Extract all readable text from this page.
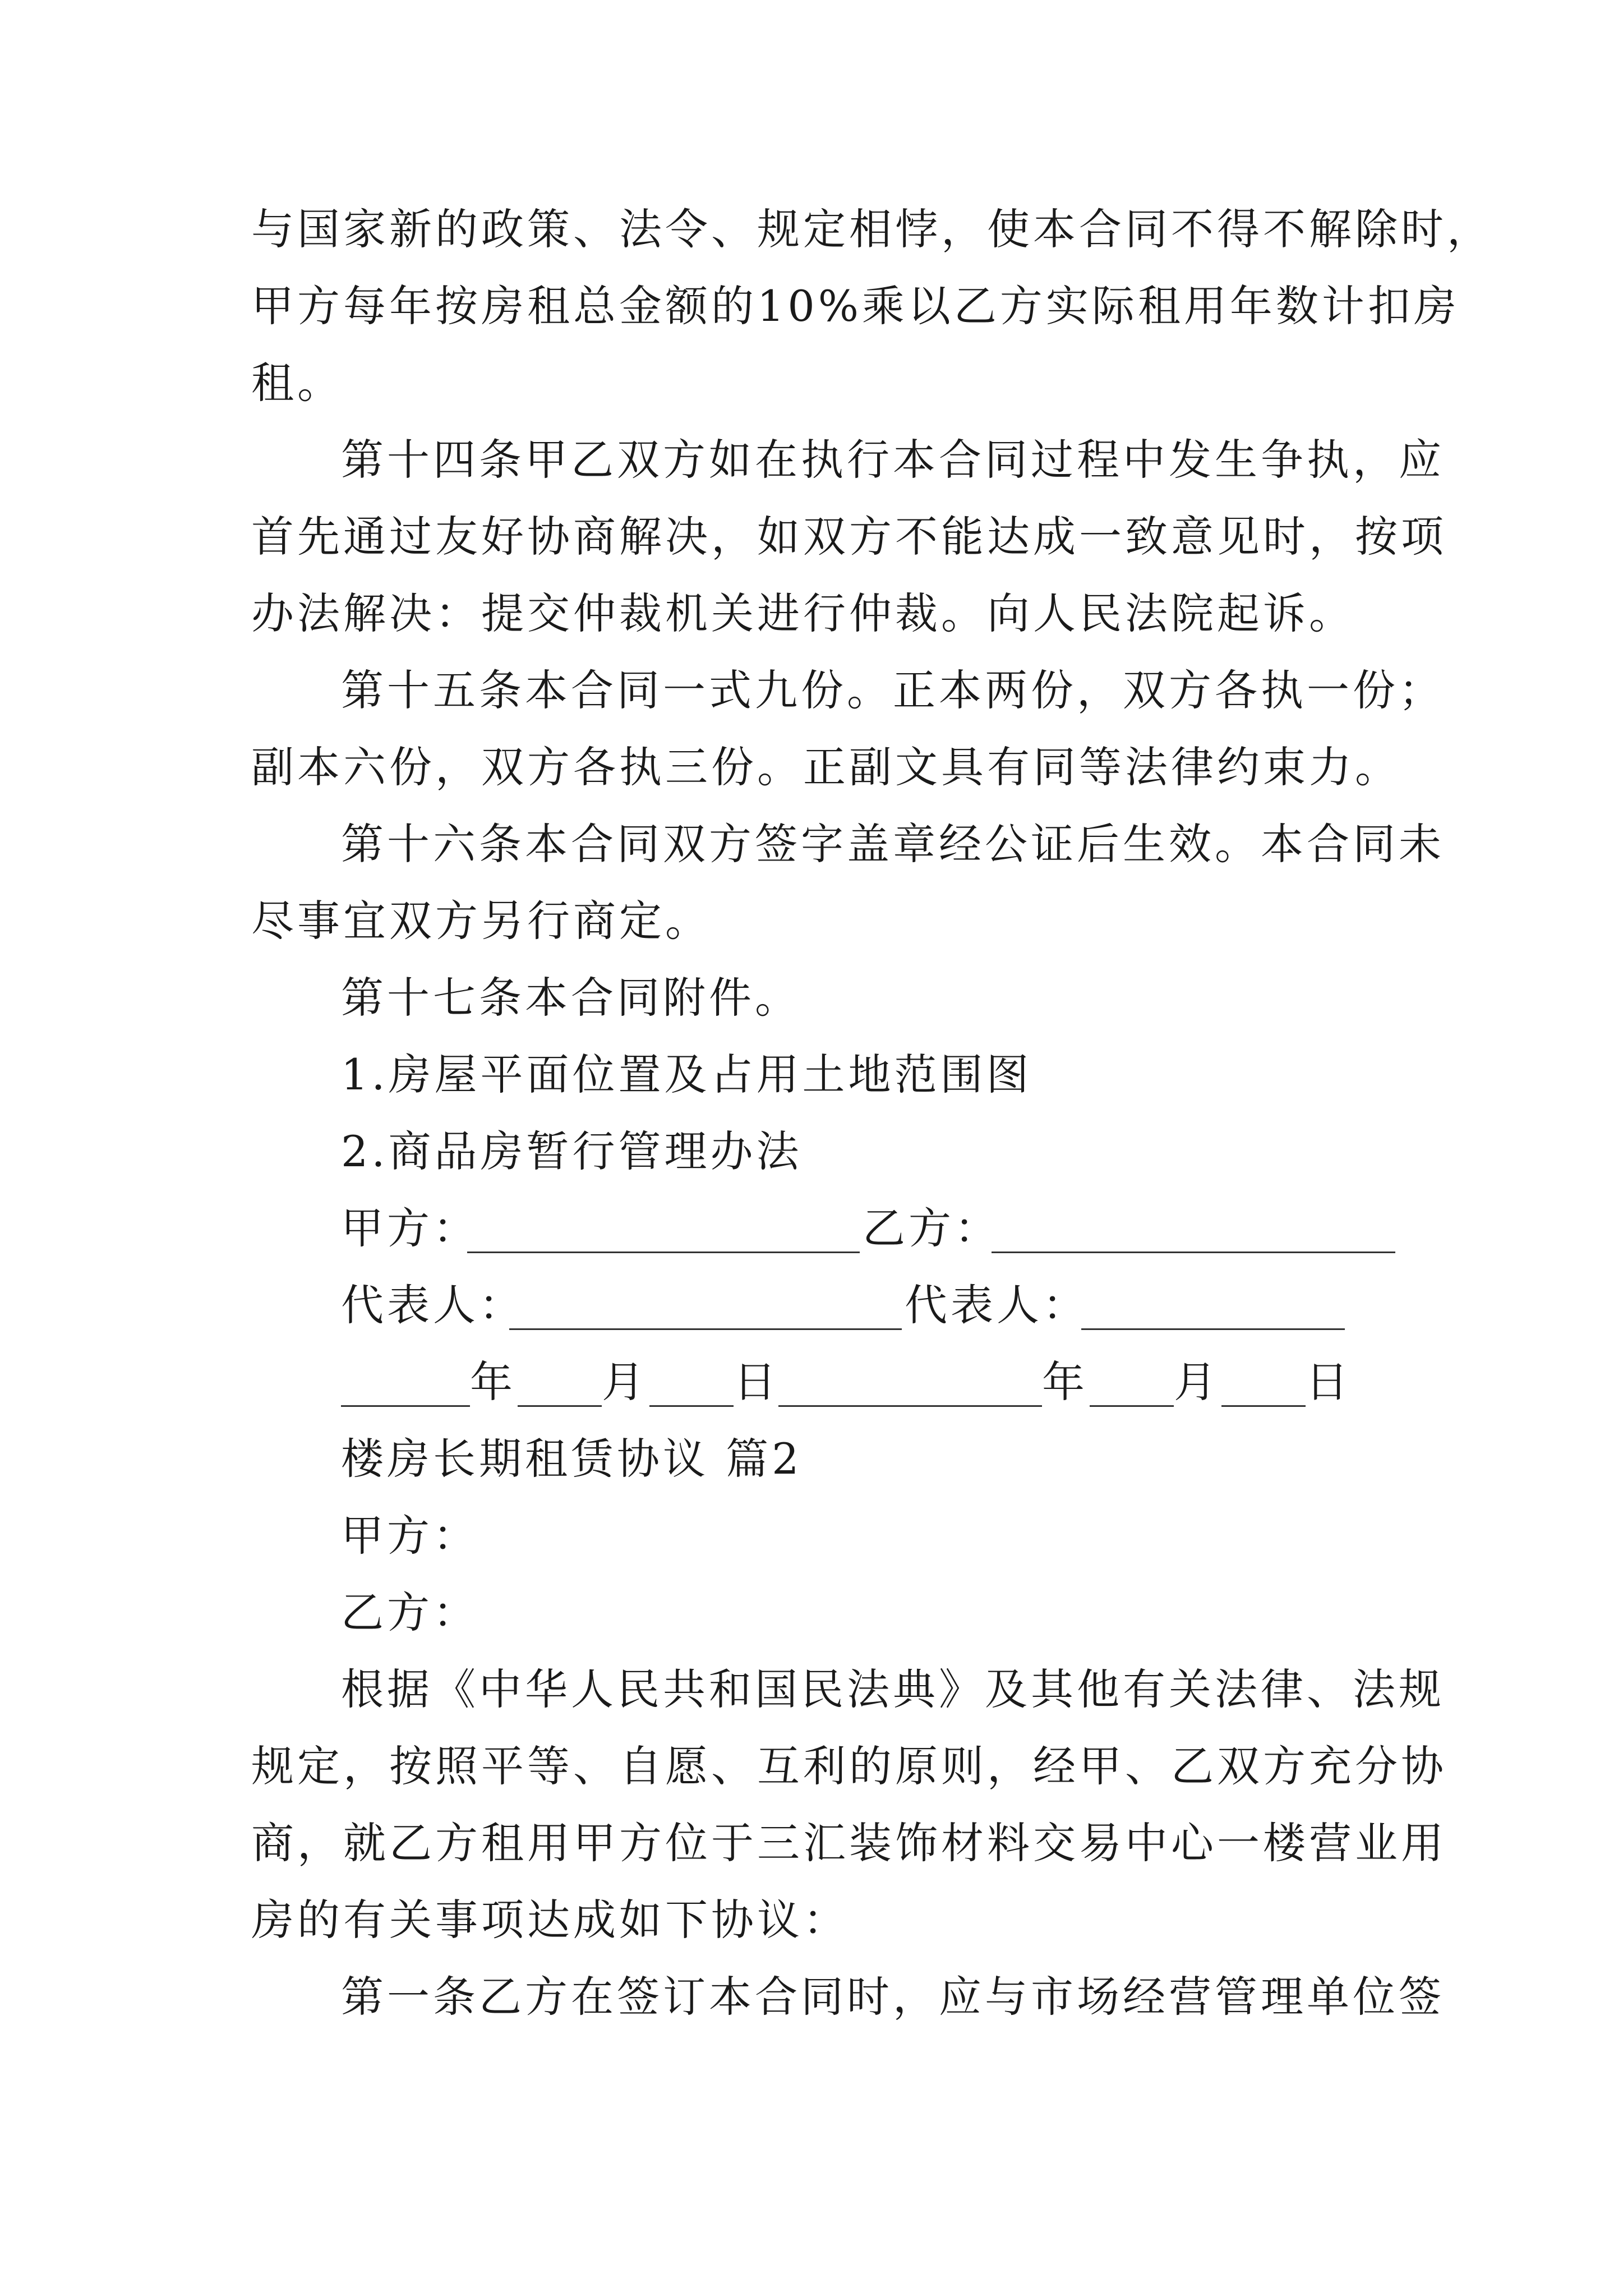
与国家新的政策、法令、规定相悖，使本合同不得不解除时，
甲方每年按房租总金额的10%乘以乙方实际租用年数计扣房
租。
第十四条甲乙双方如在执行本合同过程中发生争执，应
首先通过友好协商解决，如双方不能达成一致意见时，按项
办法解决：提交仲裁机关进行仲裁。向人民法院起诉。
第十五条本合同一式九份。正本两份，双方各执一份；
副本六份，双方各执三份。正副文具有同等法律约束力。
第十六条本合同双方签字盖章经公证后生效。本合同未
尽事宜双方另行商定。
第十七条本合同附件。
1.房屋平面位置及占用土地范围图
2.商品房暂行管理办法
甲方：	乙方：
代表人：	代表人：
年 月 日	年 月 日
楼房长期租赁协议 篇2
甲方：
乙方：
根据《中华人民共和国民法典》及其他有关法律、法规
规定，按照平等、自愿、互利的原则，经甲、乙双方充分协
商，就乙方租用甲方位于三汇装饰材料交易中心一楼营业用
房的有关事项达成如下协议：
第一条乙方在签订本合同时，应与市场经营管理单位签
